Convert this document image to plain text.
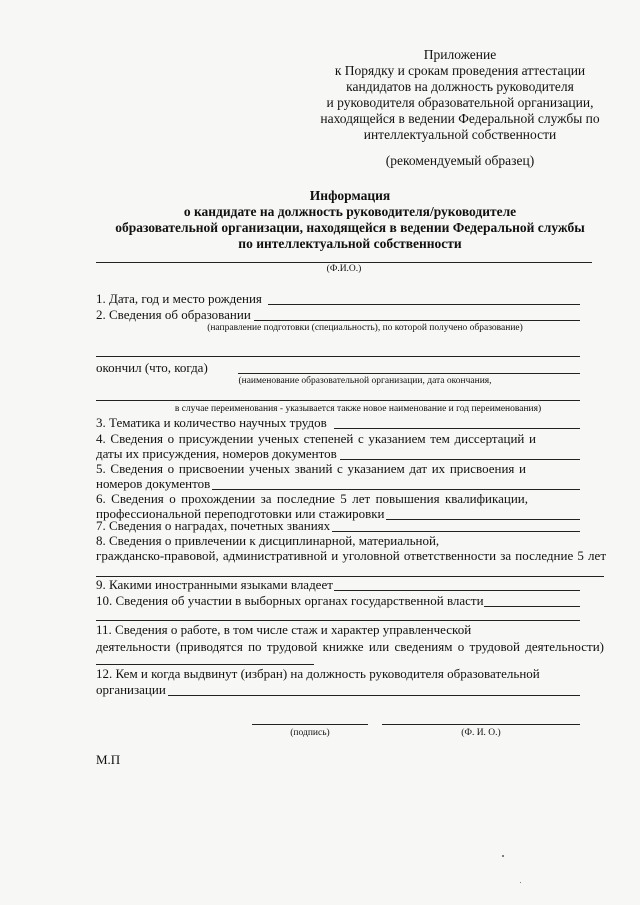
Приложение
к Порядку и срокам проведения аттестации
кандидатов на должность руководителя
и руководителя образовательной организации,
находящейся в ведении Федеральной службы по
интеллектуальной собственности
(рекомендуемый образец)
Информация
о кандидате на должность руководителя/руководителе
образовательной организации, находящейся в ведении Федеральной службы
по интеллектуальной собственности
(Ф.И.О.)
1. Дата, год и место рождения
2. Сведения об образовании
(направление подготовки (специальность), по которой получено образование)
окончил (что, когда)
(наименование образовательной организации, дата окончания,
в случае переименования - указывается также новое наименование и год переименования)
3. Тематика и количество научных трудов
4. Сведения о присуждении ученых степеней с указанием тем диссертаций и
даты их присуждения, номеров документов
5. Сведения о присвоении ученых званий с указанием дат их присвоения и
номеров документов
6. Сведения о прохождении за последние 5 лет повышения квалификации,
профессиональной переподготовки или стажировки
7. Сведения о наградах, почетных званиях
8. Сведения о привлечении к дисциплинарной, материальной,
гражданско-правовой, административной и уголовной ответственности за последние 5 лет
9. Какими иностранными языками владеет
10. Сведения об участии в выборных органах государственной власти
11. Сведения о работе, в том числе стаж и характер управленческой
деятельности (приводятся по трудовой книжке или сведениям о трудовой деятельности)
12. Кем и когда выдвинут (избран) на должность руководителя образовательной
организации
(подпись)	(Ф. И. О.)
М.П
